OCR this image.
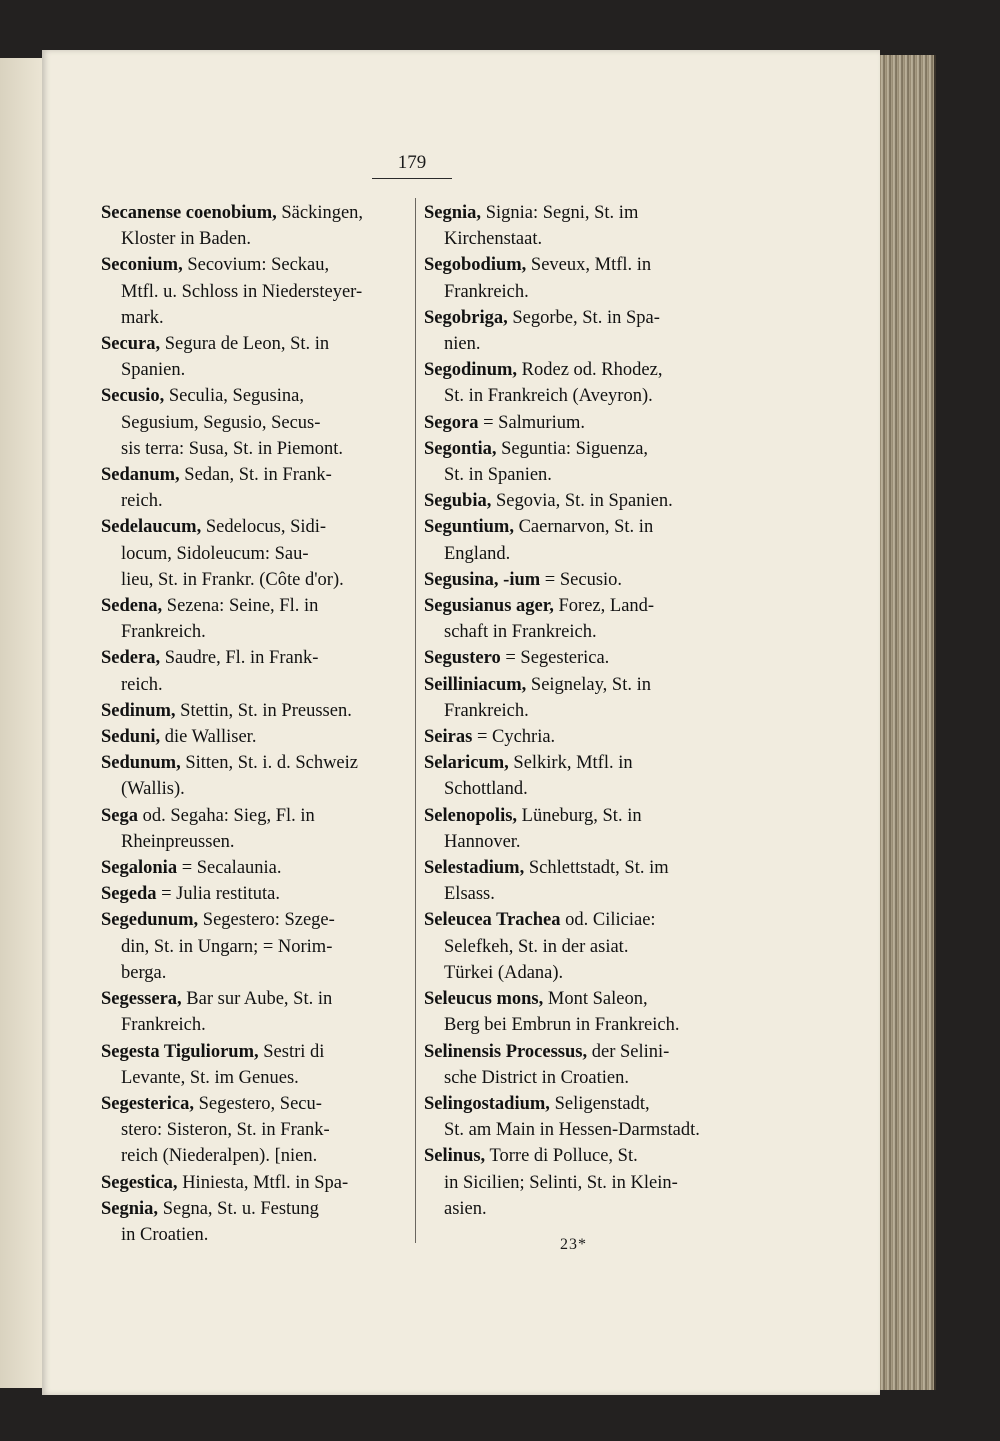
179
Secanense coenobium, Säckingen,
Kloster in Baden.
Seconium, Secovium: Seckau,
Mtfl. u. Schloss in Niedersteyer-
mark.
Secura, Segura de Leon, St. in
Spanien.
Secusio, Seculia, Segusina,
Segusium, Segusio, Secus-
sis terra: Susa, St. in Piemont.
Sedanum, Sedan, St. in Frank-
reich.
Sedelaucum, Sedelocus, Sidi-
locum, Sidoleucum: Sau-
lieu, St. in Frankr. (Côte d'or).
Sedena, Sezena: Seine, Fl. in
Frankreich.
Sedera, Saudre, Fl. in Frank-
reich.
Sedinum, Stettin, St. in Preussen.
Seduni, die Walliser.
Sedunum, Sitten, St. i. d. Schweiz
(Wallis).
Sega od. Segaha: Sieg, Fl. in
Rheinpreussen.
Segalonia = Secalaunia.
Segeda = Julia restituta.
Segedunum, Segestero: Szege-
din, St. in Ungarn; = Norim-
berga.
Segessera, Bar sur Aube, St. in
Frankreich.
Segesta Tiguliorum, Sestri di
Levante, St. im Genues.
Segesterica, Segestero, Secu-
stero: Sisteron, St. in Frank-
reich (Niederalpen). [nien.
Segestica, Hiniesta, Mtfl. in Spa-
Segnia, Segna, St. u. Festung
in Croatien.
Segnia, Signia: Segni, St. im
Kirchenstaat.
Segobodium, Seveux, Mtfl. in
Frankreich.
Segobriga, Segorbe, St. in Spa-
nien.
Segodinum, Rodez od. Rhodez,
St. in Frankreich (Aveyron).
Segora = Salmurium.
Segontia, Seguntia: Siguenza,
St. in Spanien.
Segubia, Segovia, St. in Spanien.
Seguntium, Caernarvon, St. in
England.
Segusina, -ium = Secusio.
Segusianus ager, Forez, Land-
schaft in Frankreich.
Segustero = Segesterica.
Seilliniacum, Seignelay, St. in
Frankreich.
Seiras = Cychria.
Selaricum, Selkirk, Mtfl. in
Schottland.
Selenopolis, Lüneburg, St. in
Hannover.
Selestadium, Schlettstadt, St. im
Elsass.
Seleucea Trachea od. Ciliciae:
Selefkeh, St. in der asiat.
Türkei (Adana).
Seleucus mons, Mont Saleon,
Berg bei Embrun in Frankreich.
Selinensis Processus, der Selini-
sche District in Croatien.
Selingostadium, Seligenstadt,
St. am Main in Hessen-Darmstadt.
Selinus, Torre di Polluce, St.
in Sicilien; Selinti, St. in Klein-
asien.
23*
